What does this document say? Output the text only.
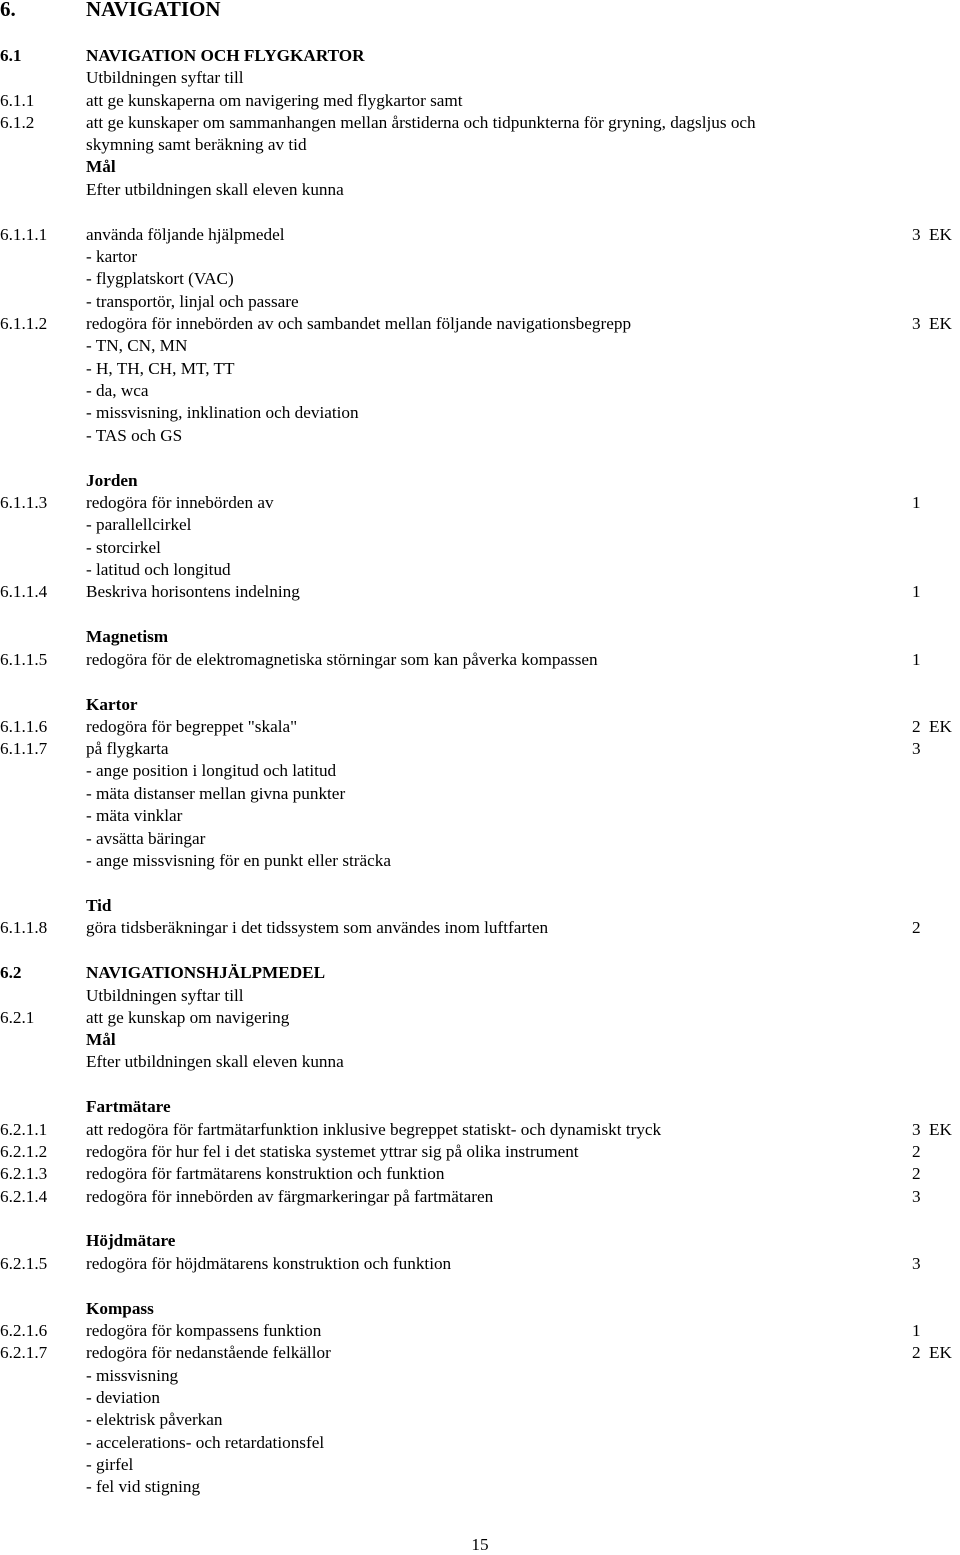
6.	NAVIGATION
6.1	NAVIGATION OCH FLYGKARTOR
Utbildningen syftar till
6.1.1	att ge kunskaperna om navigering med flygkartor samt
6.1.2	att ge kunskaper om sammanhangen mellan årstiderna och tidpunkterna för gryning, dagsljus och
skymning samt beräkning av tid
Mål
Efter utbildningen skall eleven kunna
6.1.1.1 använda följande hjälpmedel	3 EK
- kartor
- flygplatskort (VAC)
- transportör, linjal och passare
6.1.1.2 redogöra för innebörden av och sambandet mellan följande navigationsbegrepp	3 EK
- TN, CN, MN
- H, TH, CH, MT, TT
- da, wca
- missvisning, inklination och deviation
- TAS och GS
Jorden
6.1.1.3 redogöra för innebörden av	1
- parallellcirkel
- storcirkel
- latitud och longitud
6.1.1.4 Beskriva horisontens indelning	1
Magnetism
6.1.1.5 redogöra för de elektromagnetiska störningar som kan påverka kompassen	1
Kartor
6.1.1.6 redogöra för begreppet "skala"	2 EK
6.1.1.7 på flygkarta	3
- ange position i longitud och latitud
- mäta distanser mellan givna punkter
- mäta vinklar
- avsätta bäringar
- ange missvisning för en punkt eller sträcka
Tid
6.1.1.8 göra tidsberäkningar i det tidssystem som användes inom luftfarten	2
6.2	NAVIGATIONSHJÄLPMEDEL
Utbildningen syftar till
6.2.1	att ge kunskap om navigering
Mål
Efter utbildningen skall eleven kunna
Fartmätare
6.2.1.1 att redogöra för fartmätarfunktion inklusive begreppet statiskt- och dynamiskt tryck	3 EK
6.2.1.2 redogöra för hur fel i det statiska systemet yttrar sig på olika instrument	2
6.2.1.3 redogöra för fartmätarens konstruktion och funktion	2
6.2.1.4 redogöra för innebörden av färgmarkeringar på fartmätaren	3
Höjdmätare
6.2.1.5 redogöra för höjdmätarens konstruktion och funktion	3
Kompass
6.2.1.6 redogöra för kompassens funktion	1
6.2.1.7 redogöra för nedanstående felkällor	2 EK
- missvisning
- deviation
- elektrisk påverkan
- accelerations- och retardationsfel
- girfel
- fel vid stigning
15
